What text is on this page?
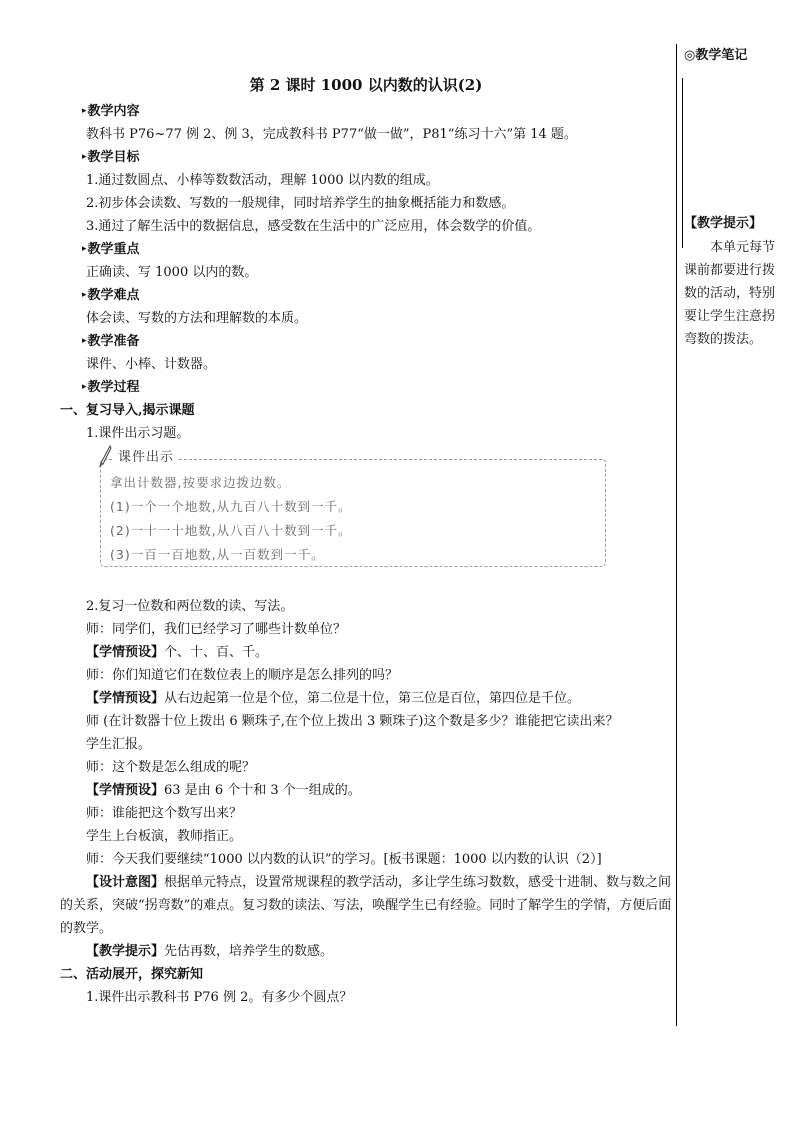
◎教学笔记
【教学提示】
本单元每节课前都要进行拨数的活动，特别要让学生注意拐弯数的拨法。
第 2 课时 1000 以内数的认识(2)
▸教学内容
教科书 P76~77 例 2、例 3，完成教科书 P77“做一做”，P81“练习十六”第 14 题。
▸教学目标
1.通过数圆点、小棒等数数活动，理解 1000 以内数的组成。
2.初步体会读数、写数的一般规律，同时培养学生的抽象概括能力和数感。
3.通过了解生活中的数据信息，感受数在生活中的广泛应用，体会数学的价值。
▸教学重点
正确读、写 1000 以内的数。
▸教学难点
体会读、写数的方法和理解数的本质。
▸教学准备
课件、小棒、计数器。
▸教学过程
一、复习导入,揭示课题
1.课件出示习题。
课件出示
拿出计数器,按要求边拨边数。
(1)一个一个地数,从九百八十数到一千。
(2)一十一十地数,从八百八十数到一千。
(3)一百一百地数,从一百数到一千。
2.复习一位数和两位数的读、写法。
师：同学们，我们已经学习了哪些计数单位？
【学情预设】个、十、百、千。
师：你们知道它们在数位表上的顺序是怎么排列的吗？
【学情预设】从右边起第一位是个位，第二位是十位，第三位是百位，第四位是千位。
师 (在计数器十位上拨出 6 颗珠子,在个位上拨出 3 颗珠子)这个数是多少？谁能把它读出来？
学生汇报。
师：这个数是怎么组成的呢？
【学情预设】63 是由 6 个十和 3 个一组成的。
师：谁能把这个数写出来？
学生上台板演，教师指正。
师：今天我们要继续“1000 以内数的认识”的学习。[板书课题：1000 以内数的认识（2）]
【设计意图】根据单元特点，设置常规课程的教学活动，多让学生练习数数，感受十进制、数与数之间的关系，突破“拐弯数”的难点。复习数的读法、写法，唤醒学生已有经验。同时了解学生的学情，方便后面的教学。
【教学提示】先估再数，培养学生的数感。
二、活动展开，探究新知
1.课件出示教科书 P76 例 2。有多少个圆点？
